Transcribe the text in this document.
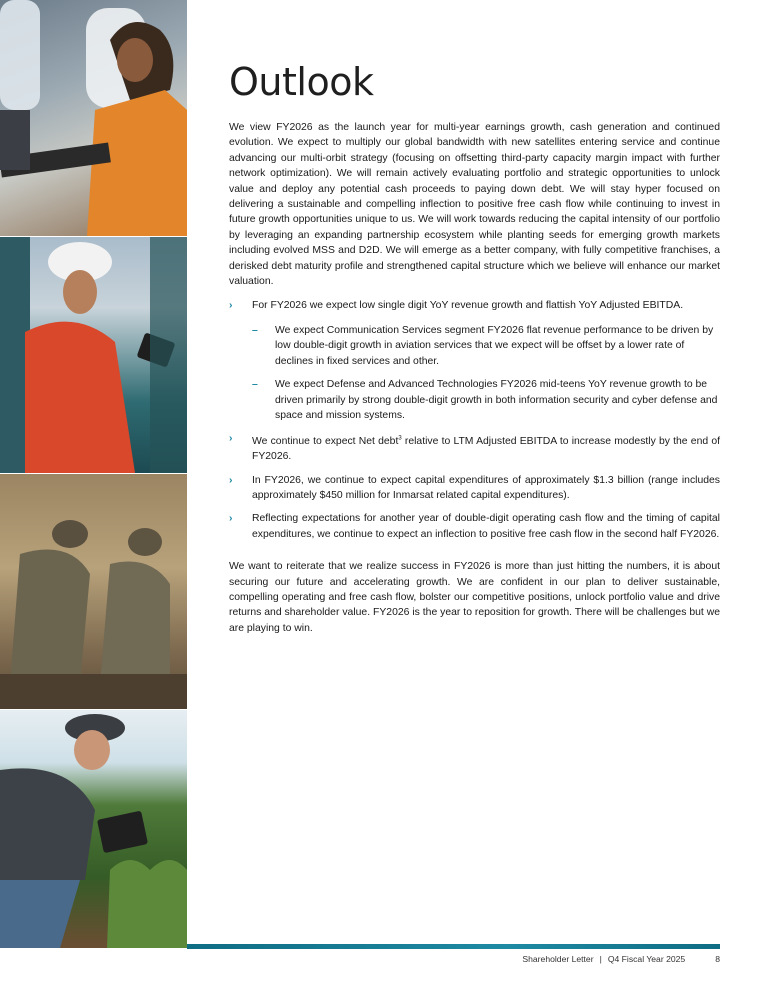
Outlook

We view FY2026 as the launch year for multi-year earnings growth, cash generation and continued evolution. We expect to multiply our global bandwidth with new satellites entering service and continue advancing our multi-orbit strategy (focusing on offsetting third-party capacity margin impact with further network optimization). We will remain actively evaluating portfolio and strategic opportunities to unlock value and deploy any potential cash proceeds to paying down debt. We will stay hyper focused on delivering a sustainable and compelling inflection to positive free cash flow while continuing to invest in future growth opportunities unique to us. We will work towards reducing the capital intensity of our portfolio by leveraging an expanding partnership ecosystem while planting seeds for emerging growth markets including evolved MSS and D2D. We will emerge as a better company, with fully competitive franchises, a derisked debt maturity profile and strengthened capital structure which we believe will enhance our market valuation.

› For FY2026 we expect low single digit YoY revenue growth and flattish YoY Adjusted EBITDA.
– We expect Communication Services segment FY2026 flat revenue performance to be driven by low double-digit growth in aviation services that we expect will be offset by a lower rate of declines in fixed services and other.
– We expect Defense and Advanced Technologies FY2026 mid-teens YoY revenue growth to be driven primarily by strong double-digit growth in both information security and cyber defense and space and mission systems.
› We continue to expect Net debt$^3$ relative to LTM Adjusted EBITDA to increase modestly by the end of FY2026.
› In FY2026, we continue to expect capital expenditures of approximately $1.3 billion (range includes approximately $450 million for Inmarsat related capital expenditures).
› Reflecting expectations for another year of double-digit operating cash flow and the timing of capital expenditures, we continue to expect an inflection to positive free cash flow in the second half FY2026.

We want to reiterate that we realize success in FY2026 is more than just hitting the numbers, it is about securing our future and accelerating growth. We are confident in our plan to deliver sustainable, compelling operating and free cash flow, bolster our competitive positions, unlock portfolio value and drive returns and shareholder value. FY2026 is the year to reposition for growth. There will be challenges but we are playing to win.

Shareholder Letter | Q4 Fiscal Year 2025	8
